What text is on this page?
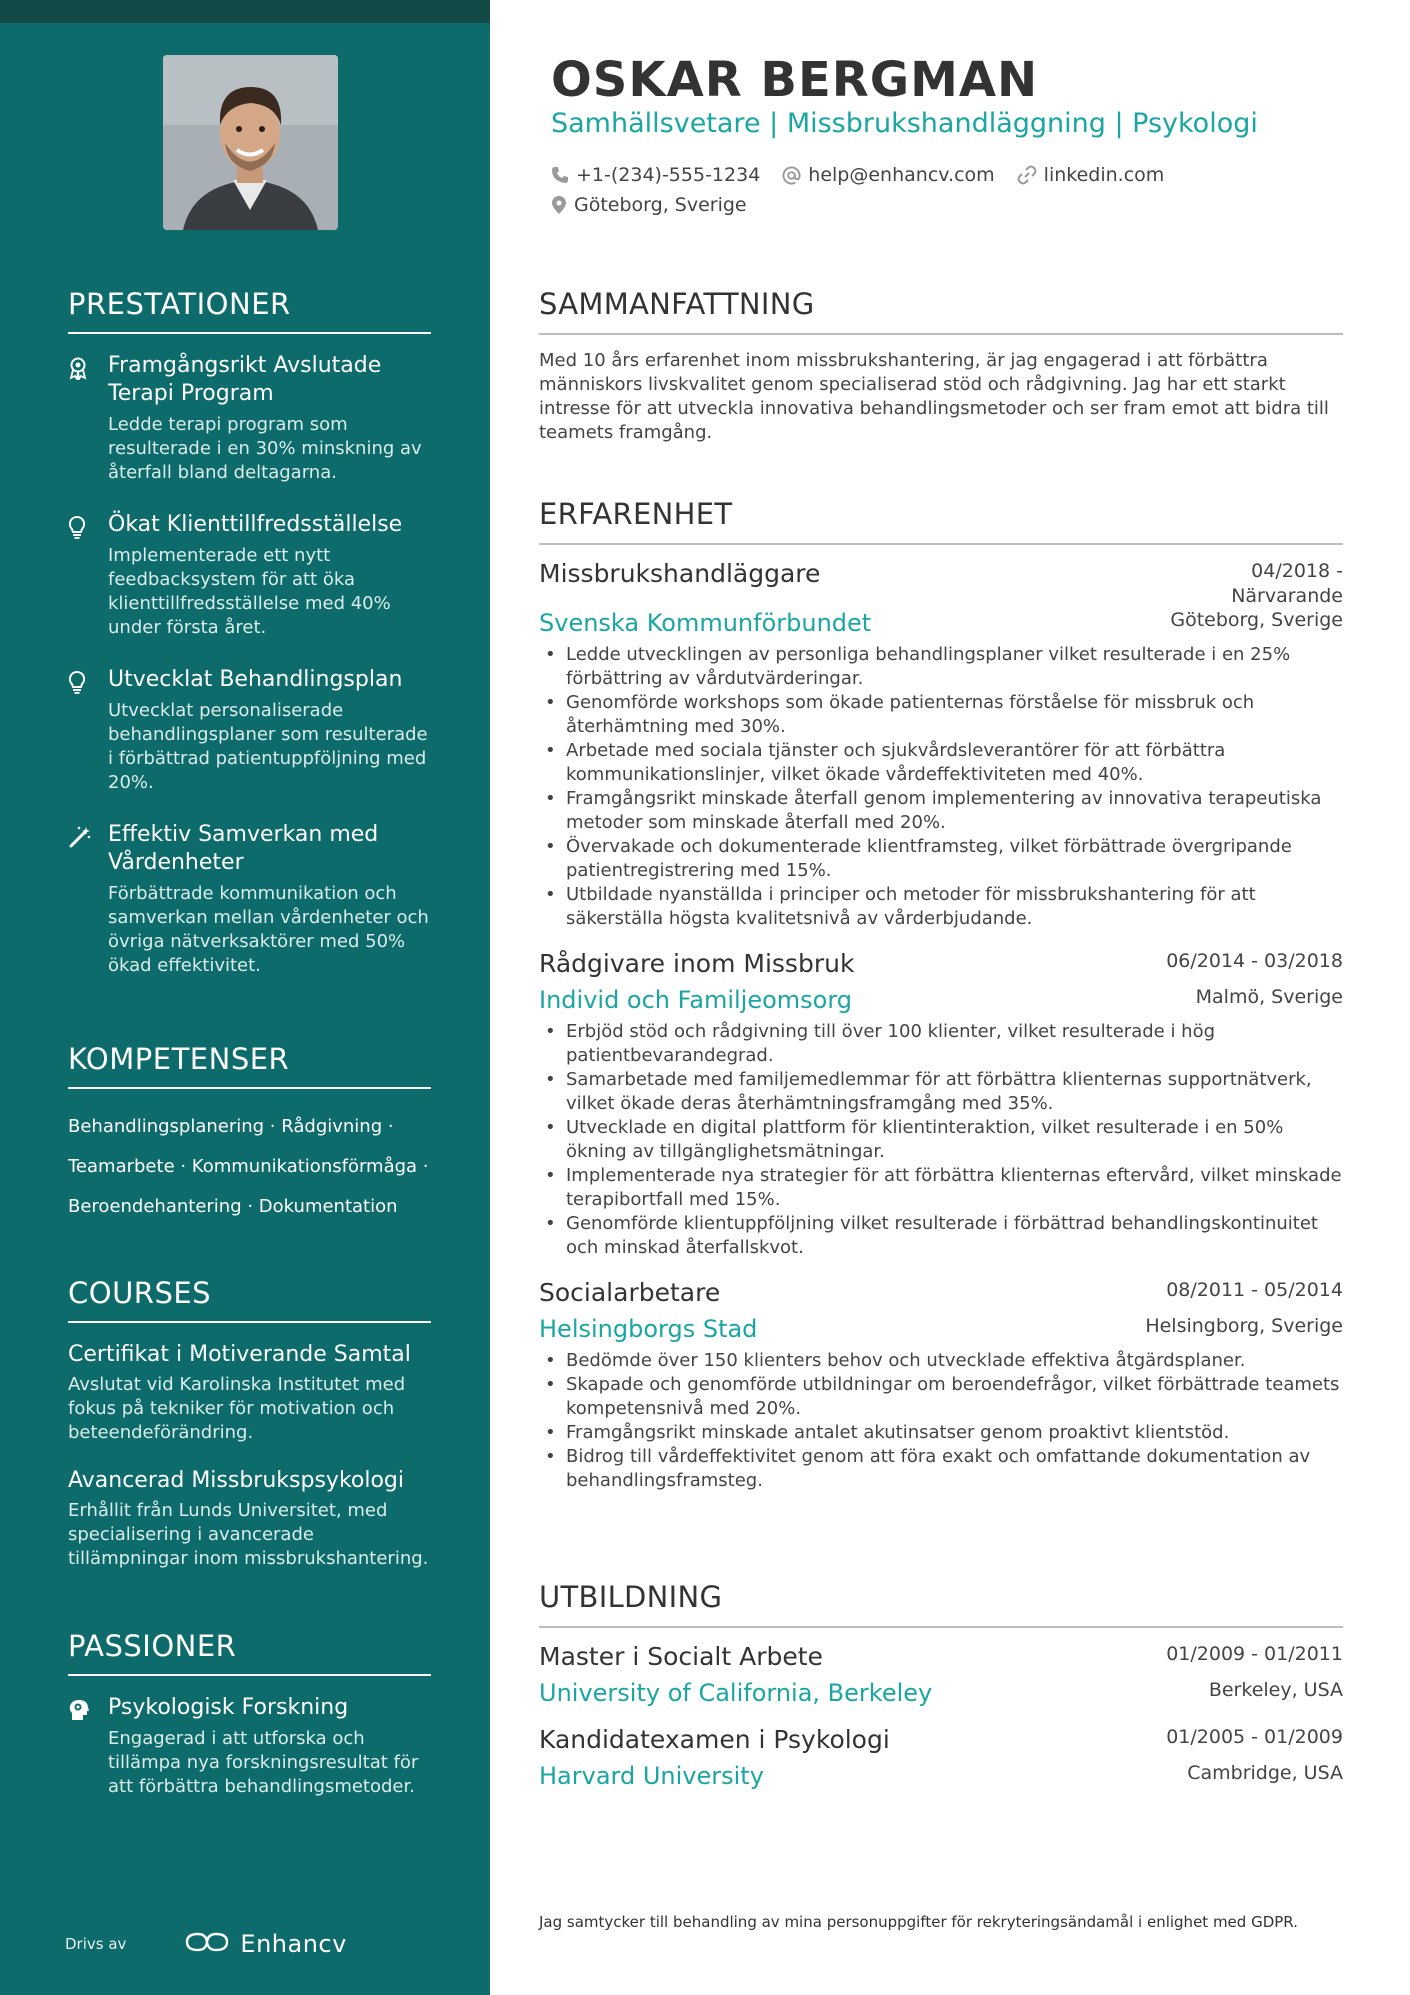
PRESTATIONER
Framgångsrikt Avslutade Terapi Program
Ledde terapi program som resulterade i en 30% minskning av återfall bland deltagarna.
Ökat Klienttillfredsställelse
Implementerade ett nytt feedbacksystem för att öka klienttillfredsställelse med 40% under första året.
Utvecklat Behandlingsplan
Utvecklat personaliserade behandlingsplaner som resulterade i förbättrad patientuppföljning med 20%.
Effektiv Samverkan med Vårdenheter
Förbättrade kommunikation och samverkan mellan vårdenheter och övriga nätverksaktörer med 50% ökad effektivitet.
KOMPETENSER
Behandlingsplanering · Rådgivning ·
Teamarbete · Kommunikationsförmåga ·
Beroendehantering · Dokumentation
COURSES
Certifikat i Motiverande Samtal
Avslutat vid Karolinska Institutet med fokus på tekniker för motivation och beteendeförändring.
Avancerad Missbrukspsykologi
Erhållit från Lunds Universitet, med specialisering i avancerade tillämpningar inom missbrukshantering.
PASSIONER
Psykologisk Forskning
Engagerad i att utforska och tillämpa nya forskningsresultat för att förbättra behandlingsmetoder.
Drivs av	Enhancv
OSKAR BERGMAN
Samhällsvetare | Missbrukshandläggning | Psykologi
+1-(234)-555-1234	help@enhancv.com	linkedin.com
Göteborg, Sverige
SAMMANFATTNING
Med 10 års erfarenhet inom missbrukshantering, är jag engagerad i att förbättra människors livskvalitet genom specialiserad stöd och rådgivning. Jag har ett starkt intresse för att utveckla innovativa behandlingsmetoder och ser fram emot att bidra till teamets framgång.
ERFARENHET
Missbrukshandläggare	04/2018 -
Närvarande
Svenska Kommunförbundet	Göteborg, Sverige
• Ledde utvecklingen av personliga behandlingsplaner vilket resulterade i en 25% förbättring av vårdutvärderingar.
• Genomförde workshops som ökade patienternas förståelse för missbruk och återhämtning med 30%.
• Arbetade med sociala tjänster och sjukvårdsleverantörer för att förbättra kommunikationslinjer, vilket ökade vårdeffektiviteten med 40%.
• Framgångsrikt minskade återfall genom implementering av innovativa terapeutiska metoder som minskade återfall med 20%.
• Övervakade och dokumenterade klientframsteg, vilket förbättrade övergripande patientregistrering med 15%.
• Utbildade nyanställda i principer och metoder för missbrukshantering för att säkerställa högsta kvalitetsnivå av vårderbjudande.
Rådgivare inom Missbruk	06/2014 - 03/2018
Individ och Familjeomsorg	Malmö, Sverige
• Erbjöd stöd och rådgivning till över 100 klienter, vilket resulterade i hög patientbevarandegrad.
• Samarbetade med familjemedlemmar för att förbättra klienternas supportnätverk, vilket ökade deras återhämtningsframgång med 35%.
• Utvecklade en digital plattform för klientinteraktion, vilket resulterade i en 50% ökning av tillgänglighetsmätningar.
• Implementerade nya strategier för att förbättra klienternas eftervård, vilket minskade terapibortfall med 15%.
• Genomförde klientuppföljning vilket resulterade i förbättrad behandlingskontinuitet och minskad återfallskvot.
Socialarbetare	08/2011 - 05/2014
Helsingborgs Stad	Helsingborg, Sverige
• Bedömde över 150 klienters behov och utvecklade effektiva åtgärdsplaner.
• Skapade och genomförde utbildningar om beroendefrågor, vilket förbättrade teamets kompetensnivå med 20%.
• Framgångsrikt minskade antalet akutinsatser genom proaktivt klientstöd.
• Bidrog till vårdeffektivitet genom att föra exakt och omfattande dokumentation av behandlingsframsteg.
UTBILDNING
Master i Socialt Arbete	01/2009 - 01/2011
University of California, Berkeley	Berkeley, USA
Kandidatexamen i Psykologi	01/2005 - 01/2009
Harvard University	Cambridge, USA
Jag samtycker till behandling av mina personuppgifter för rekryteringsändamål i enlighet med GDPR.
